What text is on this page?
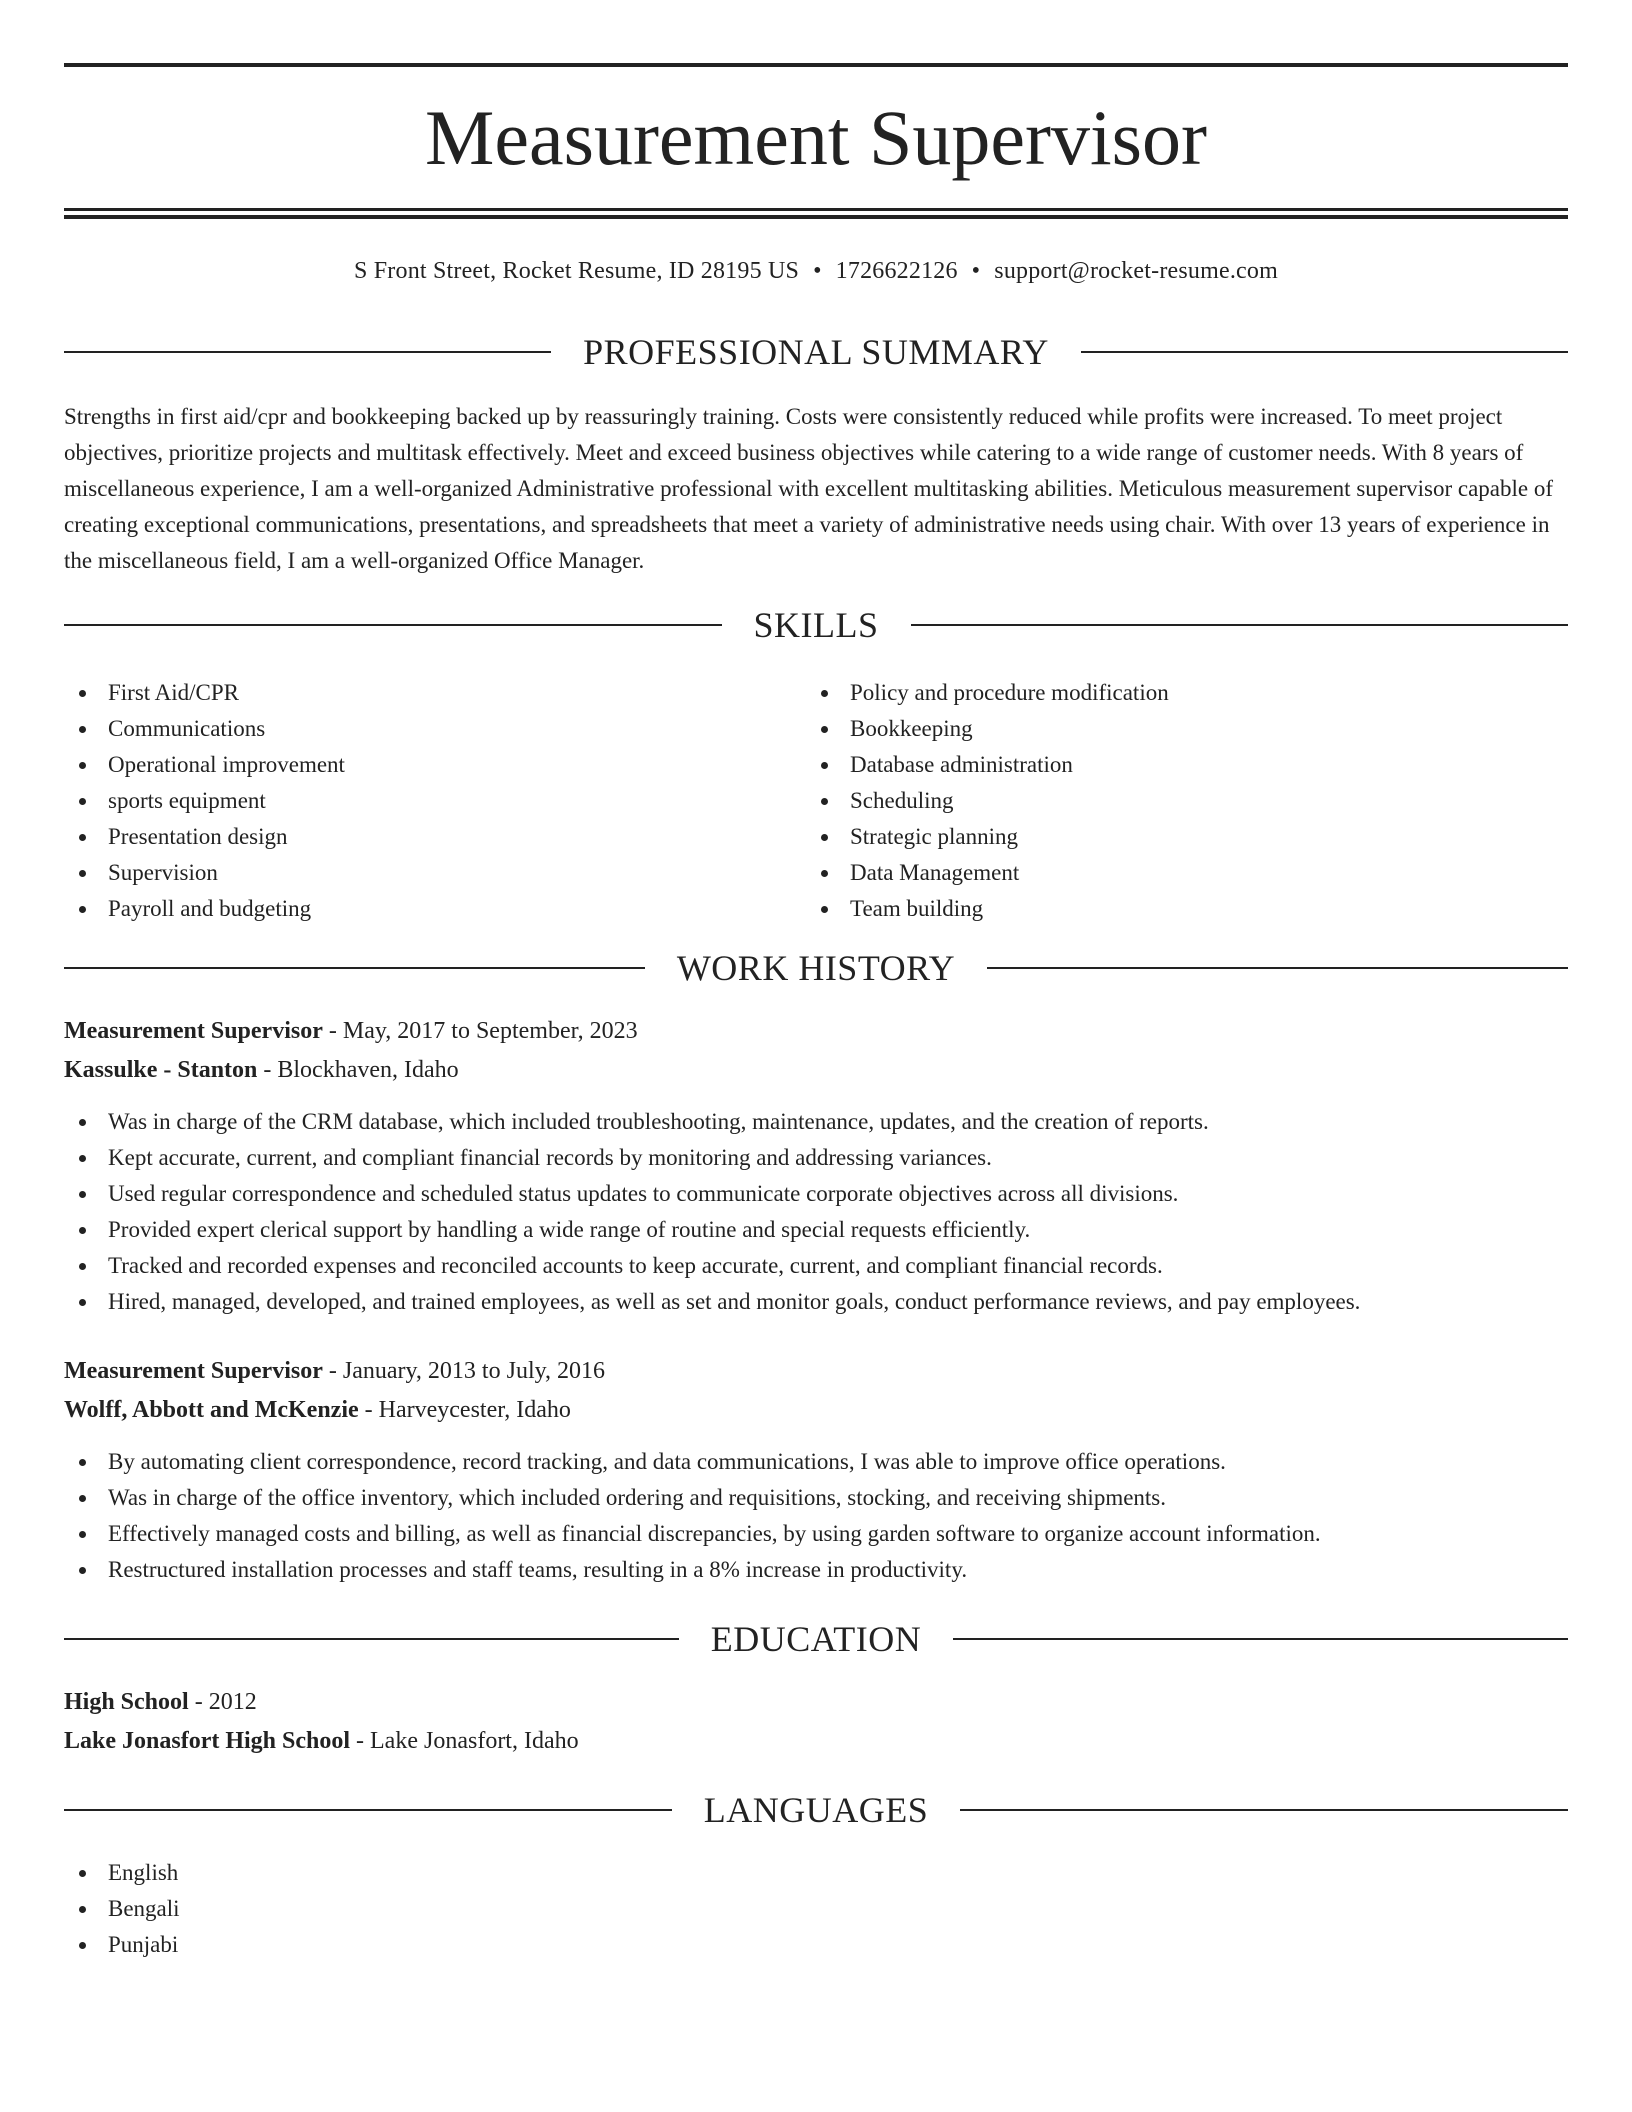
Measurement Supervisor
S Front Street, Rocket Resume, ID 28195 US • 1726622126 • support@rocket-resume.com
PROFESSIONAL SUMMARY

Strengths in first aid/cpr and bookkeeping backed up by reassuringly training. Costs were consistently reduced while profits were increased. To meet project objectives, prioritize projects and multitask effectively. Meet and exceed business objectives while catering to a wide range of customer needs. With 8 years of miscellaneous experience, I am a well-organized Administrative professional with excellent multitasking abilities. Meticulous measurement supervisor capable of creating exceptional communications, presentations, and spreadsheets that meet a variety of administrative needs using chair. With over 13 years of experience in the miscellaneous field, I am a well-organized Office Manager.

SKILLS
First Aid/CPR
Communications
Operational improvement
sports equipment
Presentation design
Supervision
Payroll and budgeting
Policy and procedure modification
Bookkeeping
Database administration
Scheduling
Strategic planning
Data Management
Team building
WORK HISTORY
Measurement Supervisor - May, 2017 to September, 2023
Kassulke - Stanton - Blockhaven, Idaho
Was in charge of the CRM database, which included troubleshooting, maintenance, updates, and the creation of reports.
Kept accurate, current, and compliant financial records by monitoring and addressing variances.
Used regular correspondence and scheduled status updates to communicate corporate objectives across all divisions.
Provided expert clerical support by handling a wide range of routine and special requests efficiently.
Tracked and recorded expenses and reconciled accounts to keep accurate, current, and compliant financial records.
Hired, managed, developed, and trained employees, as well as set and monitor goals, conduct performance reviews, and pay employees.
Measurement Supervisor - January, 2013 to July, 2016
Wolff, Abbott and McKenzie - Harveycester, Idaho
By automating client correspondence, record tracking, and data communications, I was able to improve office operations.
Was in charge of the office inventory, which included ordering and requisitions, stocking, and receiving shipments.
Effectively managed costs and billing, as well as financial discrepancies, by using garden software to organize account information.
Restructured installation processes and staff teams, resulting in a 8% increase in productivity.
EDUCATION
High School - 2012
Lake Jonasfort High School - Lake Jonasfort, Idaho
LANGUAGES
English
Bengali
Punjabi
